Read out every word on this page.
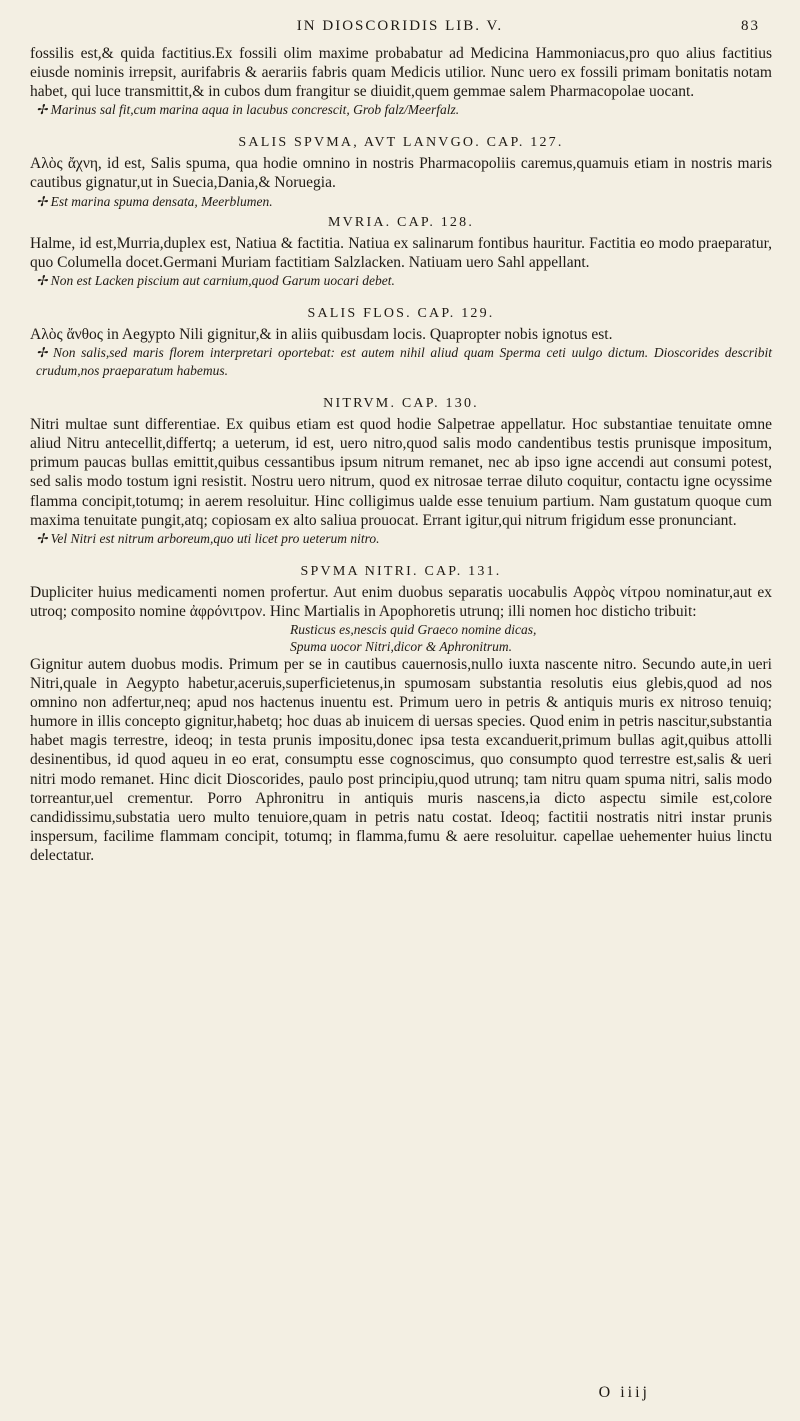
IN DIOSCORIDIS LIB. V.	83

fossilis est,& quida factitius.Ex fossili olim maxime probabatur ad Medicina Hammoniacus,pro quo alius factitius eiusde nominis irrepsit, aurifabris & aerariis fabris quam Medicis utilior. Nunc uero ex fossili primam bonitatis notam habet, qui luce transmittit,& in cubos dum frangitur se diuidit,quem gemmae salem Pharmacopolae uocant.

✢ Marinus sal fit,cum marina aqua in lacubus concrescit, Grob falz/Meerfalz.

SALIS SPVMA, AVT LANVGO. CAP. 127.

Αλὸς ἄχνη, id est, Salis spuma, qua hodie omnino in nostris Pharmacopoliis caremus,quamuis etiam in nostris maris cautibus gignatur,ut in Suecia,Dania,& Noruegia.

✢ Est marina spuma densata, Meerblumen.

MVRIA. CAP. 128.

Halme, id est,Murria,duplex est, Natiua & factitia. Natiua ex salinarum fontibus hauritur. Factitia eo modo praeparatur, quo Columella docet.Germani Muriam factitiam Salzlacken. Natiuam uero Sahl appellant.

✢ Non est Lacken piscium aut carnium,quod Garum uocari debet.

SALIS FLOS. CAP. 129.

Αλὸς ἄνθος in Aegypto Nili gignitur,& in aliis quibusdam locis. Quapropter nobis ignotus est.

✢ Non salis,sed maris florem interpretari oportebat: est autem nihil aliud quam Sperma ceti uulgo dictum. Dioscorides describit crudum,nos praeparatum habemus.

NITRVM. CAP. 130.

Nitri multae sunt differentiae. Ex quibus etiam est quod hodie Salpetrae appellatur. Hoc substantiae tenuitate omne aliud Nitru antecellit,differtq; a ueterum, id est, uero nitro,quod salis modo candentibus testis prunisque impositum, primum paucas bullas emittit,quibus cessantibus ipsum nitrum remanet, nec ab ipso igne accendi aut consumi potest, sed salis modo tostum igni resistit. Nostru uero nitrum, quod ex nitrosae terrae diluto coquitur, contactu igne ocyssime flamma concipit,totumq; in aerem resoluitur. Hinc colligimus ualde esse tenuium partium. Nam gustatum quoque cum maxima tenuitate pungit,atq; copiosam ex alto saliua prouocat. Errant igitur,qui nitrum frigidum esse pronunciant.

✢ Vel Nitri est nitrum arboreum,quo uti licet pro ueterum nitro.

SPVMA NITRI. CAP. 131.

Dupliciter huius medicamenti nomen profertur. Aut enim duobus separatis uocabulis Αφρὸς νίτρου nominatur,aut ex utroq; composito nomine ἀφρόνιτρον. Hinc Martialis in Apophoretis utrunq; illi nomen hoc disticho tribuit:

Rusticus es,nescis quid Graeco nomine dicas,
Spuma uocor Nitri,dicor & Aphronitrum.

Gignitur autem duobus modis. Primum per se in cautibus cauernosis,nullo iuxta nascente nitro. Secundo aute,in ueri Nitri,quale in Aegypto habetur,aceruis,superficietenus,in spumosam substantia resolutis eius glebis,quod ad nos omnino non adfertur,neq; apud nos hactenus inuentu est. Primum uero in petris & antiquis muris ex nitroso tenuiq; humore in illis concepto gignitur,habetq; hoc duas ab inuicem di uersas species. Quod enim in petris nascitur,substantia habet magis terrestre, ideoq; in testa prunis impositu,donec ipsa testa excanduerit,primum bullas agit,quibus attolli desinentibus, id quod aqueu in eo erat, consumptu esse cognoscimus, quo consumpto quod terrestre est,salis & ueri nitri modo remanet. Hinc dicit Dioscorides, paulo post principiu,quod utrunq; tam nitru quam spuma nitri, salis modo torreantur,uel crementur. Porro Aphronitru in antiquis muris nascens,ia dicto aspectu simile est,colore candidissimu,substatia uero multo tenuiore,quam in petris natu costat. Ideoq; factitii nostratis nitri instar prunis inspersum, facilime flammam concipit, totumq; in flamma,fumu & aere resoluitur. capellae uehementer huius linctu delectatur.

O iiij
